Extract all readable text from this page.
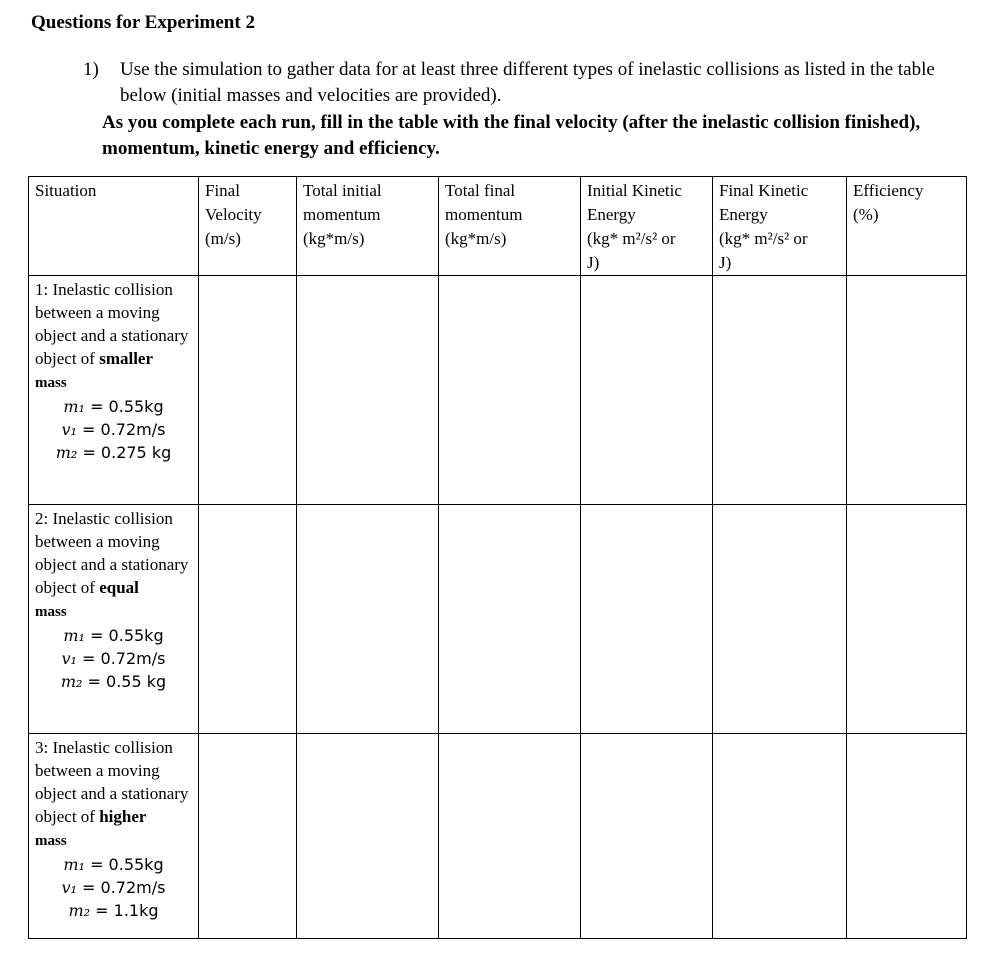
Questions for Experiment 2
1) Use the simulation to gather data for at least three different types of inelastic collisions as listed in the table below (initial masses and velocities are provided).
As you complete each run, fill in the table with the final velocity (after the inelastic collision finished), momentum, kinetic energy and efficiency.
Situation	Final
Velocity
(m/s)	Total initial
momentum
(kg*m/s)	Total final
momentum
(kg*m/s)	Initial Kinetic
Energy
(kg* m²/s² or
J)	Final Kinetic
Energy
(kg* m²/s² or
J)	Efficiency
(%)

1: Inelastic collision between a moving object and a stationary object of smaller
mass
m₁ = 0.55kg
v₁ = 0.72m/s
m₂ = 0.275 kg						

2: Inelastic collision between a moving object and a stationary object of equal
mass
m₁ = 0.55kg
v₁ = 0.72m/s
m₂ = 0.55 kg						

3: Inelastic collision between a moving object and a stationary object of higher
mass
m₁ = 0.55kg
v₁ = 0.72m/s
m₂ = 1.1kg						
